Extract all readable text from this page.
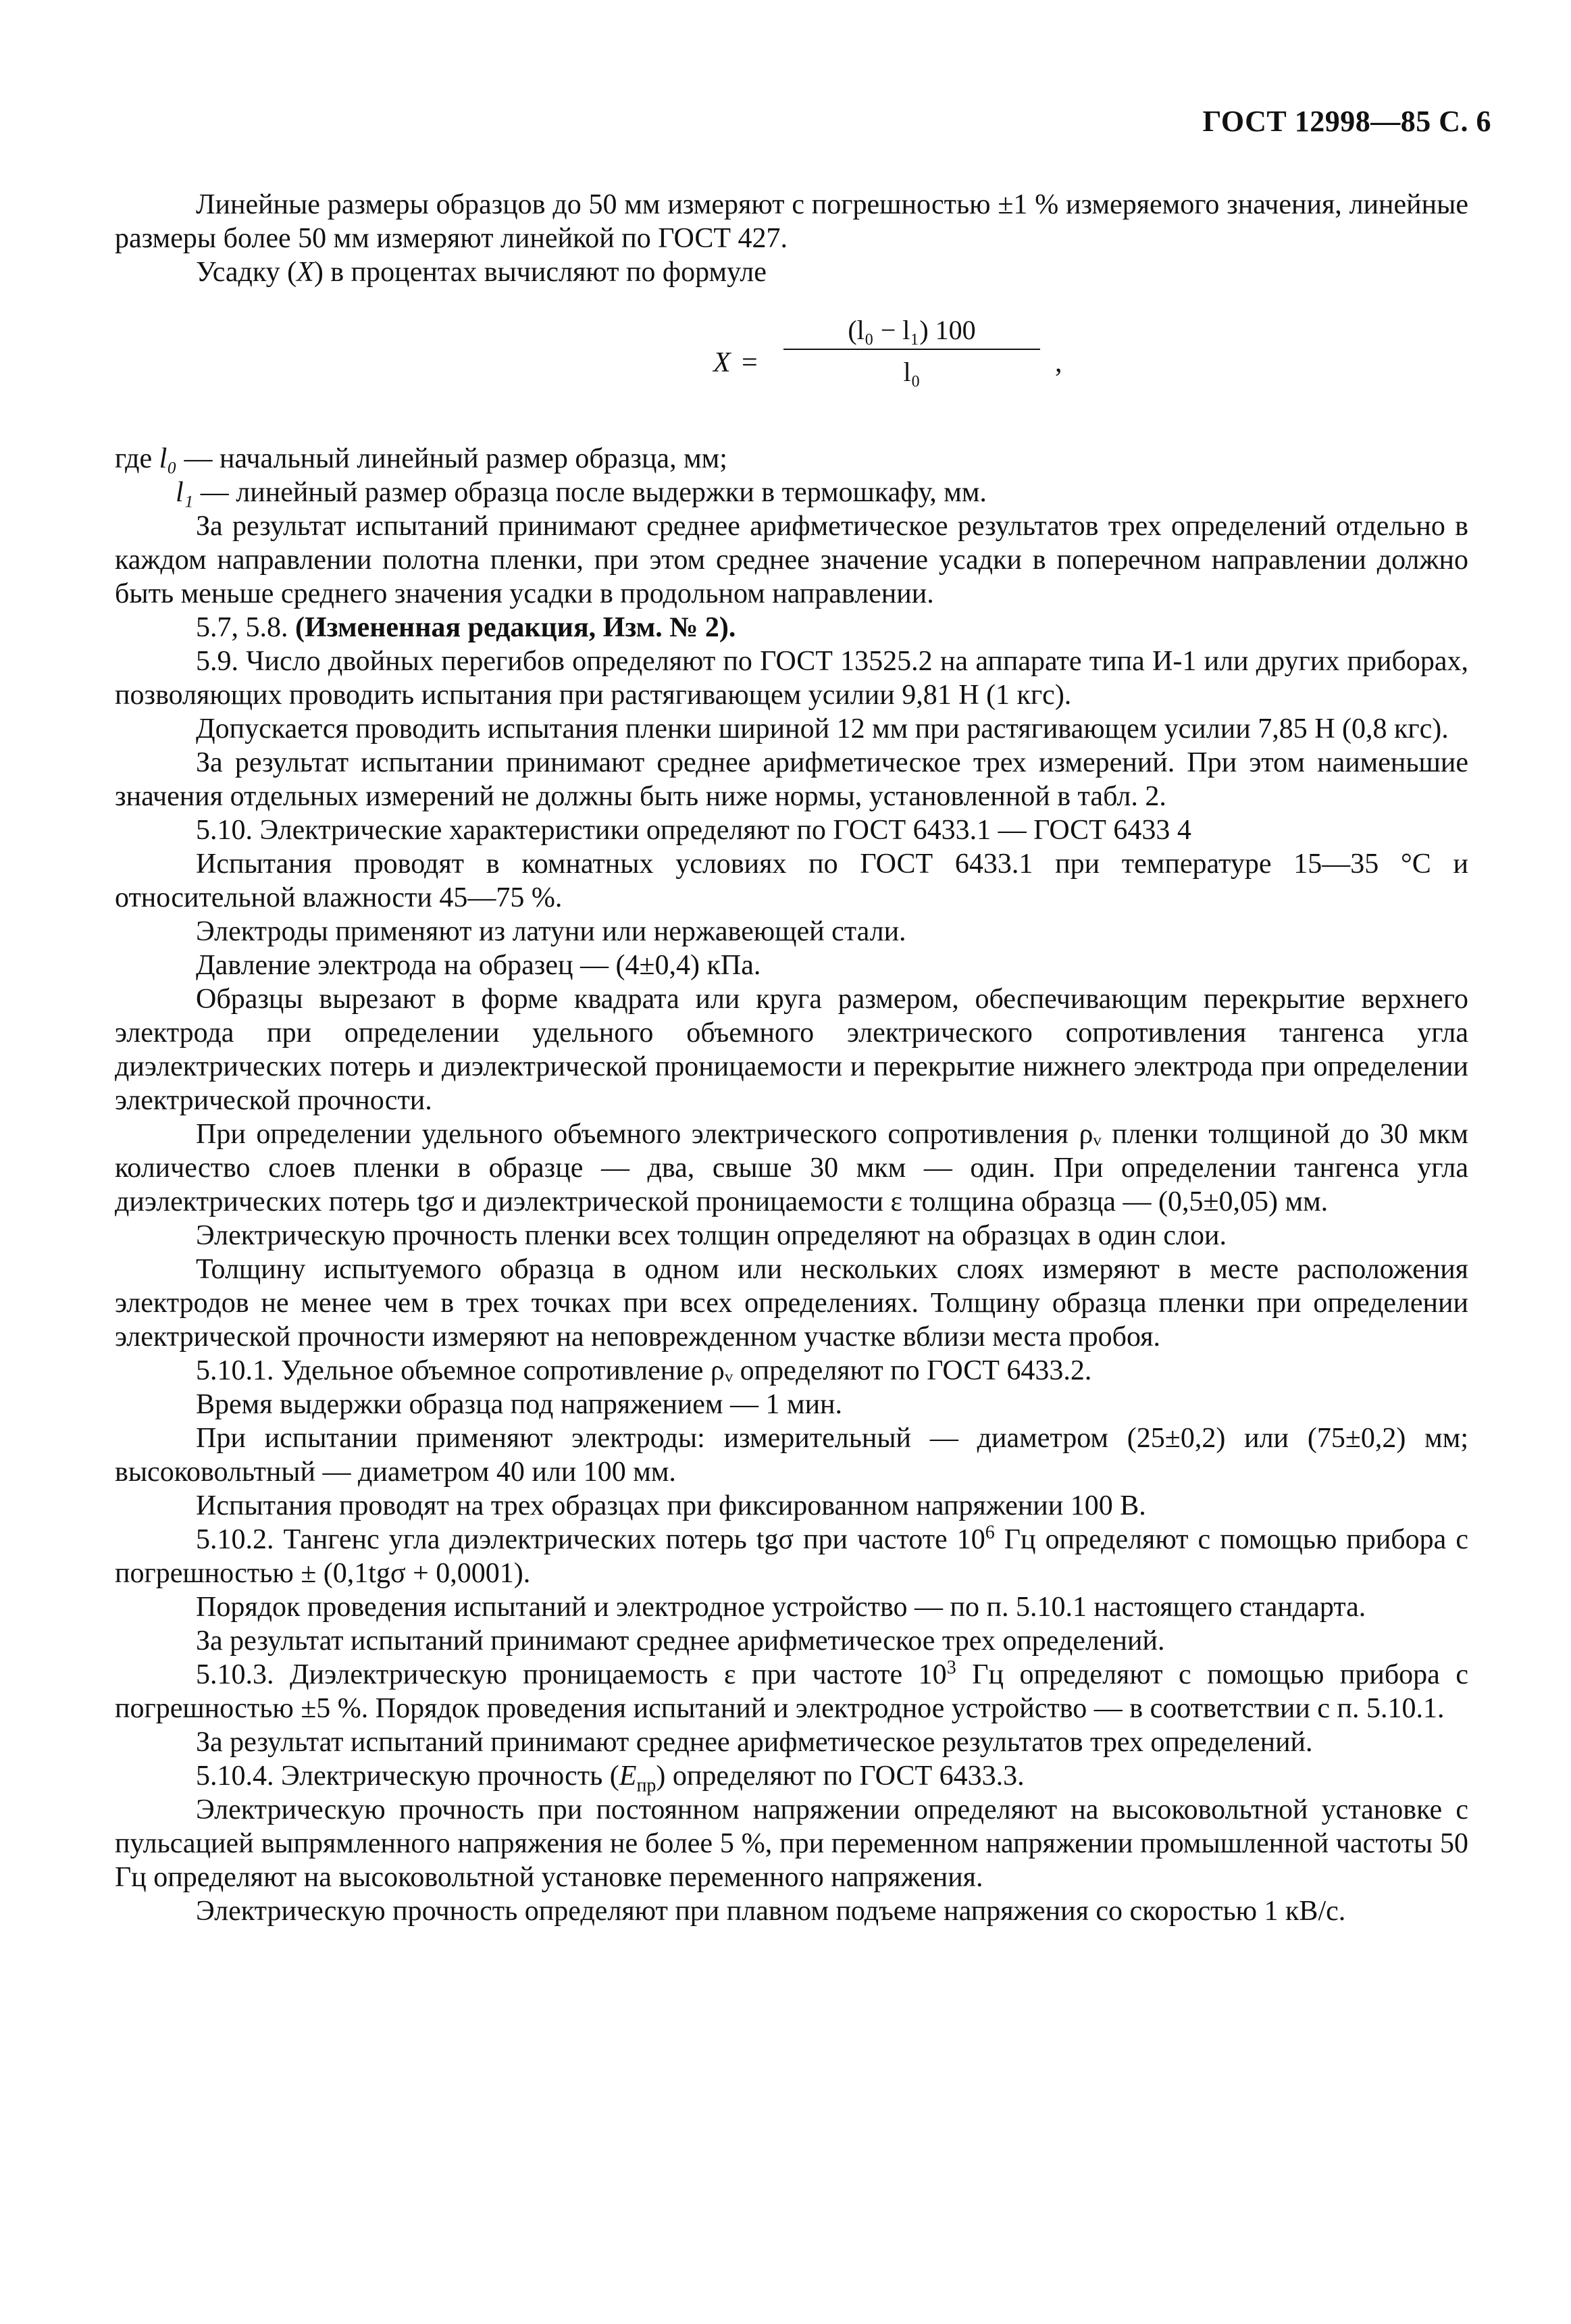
ГОСТ 12998—85 С. 6

Линейные размеры образцов до 50 мм измеряют с погрешностью ±1 % измеряемого значения, линейные размеры более 50 мм измеряют линейкой по ГОСТ 427.

Усадку (X) в процентах вычисляют по формуле

X =
(l₀ − l₁) 100
l₀	,

где l₀ — начальный линейный размер образца, мм;

l₁ — линейный размер образца после выдержки в термошкафу, мм.

За результат испытаний принимают среднее арифметическое результатов трех определений отдельно в каждом направлении полотна пленки, при этом среднее значение усадки в поперечном направлении должно быть меньше среднего значения усадки в продольном направлении.

5.7, 5.8. (Измененная редакция, Изм. № 2).

5.9. Число двойных перегибов определяют по ГОСТ 13525.2 на аппарате типа И-1 или других приборах, позволяющих проводить испытания при растягивающем усилии 9,81 Н (1 кгс).

Допускается проводить испытания пленки шириной 12 мм при растягивающем усилии 7,85 Н (0,8 кгс).

За результат испытании принимают среднее арифметическое трех измерений. При этом наименьшие значения отдельных измерений не должны быть ниже нормы, установленной в табл. 2.

5.10. Электрические характеристики определяют по ГОСТ 6433.1 — ГОСТ 6433 4

Испытания проводят в комнатных условиях по ГОСТ 6433.1 при температуре 15—35 °С и относительной влажности 45—75 %.

Электроды применяют из латуни или нержавеющей стали.

Давление электрода на образец — (4±0,4) кПа.

Образцы вырезают в форме квадрата или круга размером, обеспечивающим перекрытие верхнего электрода при определении удельного объемного электрического сопротивления тангенса угла диэлектрических потерь и диэлектрической проницаемости и перекрытие нижнего электрода при определении электрической прочности.

При определении удельного объемного электрического сопротивления ρᵥ пленки толщиной до 30 мкм количество слоев пленки в образце — два, свыше 30 мкм — один. При определении тангенса угла диэлектрических потерь tgσ и диэлектрической проницаемости ε толщина образца — (0,5±0,05) мм.

Электрическую прочность пленки всех толщин определяют на образцах в один слои.

Толщину испытуемого образца в одном или нескольких слоях измеряют в месте расположения электродов не менее чем в трех точках при всех определениях. Толщину образца пленки при определении электрической прочности измеряют на неповрежденном участке вблизи места пробоя.

5.10.1. Удельное объемное сопротивление ρᵥ определяют по ГОСТ 6433.2.

Время выдержки образца под напряжением — 1 мин.

При испытании применяют электроды: измерительный — диаметром (25±0,2) или (75±0,2) мм; высоковольтный — диаметром 40 или 100 мм.

Испытания проводят на трех образцах при фиксированном напряжении 100 В.

5.10.2. Тангенс угла диэлектрических потерь tgσ при частоте $10^6$ Гц определяют с помощью прибора с погрешностью ± (0,1tgσ + 0,0001).

Порядок проведения испытаний и электродное устройство — по п. 5.10.1 настоящего стандарта.

За результат испытаний принимают среднее арифметическое трех определений.

5.10.3. Диэлектрическую проницаемость ε при частоте $10^3$ Гц определяют с помощью прибора с погрешностью ±5 %. Порядок проведения испытаний и электродное устройство — в соответствии с п. 5.10.1.

За результат испытаний принимают среднее арифметическое результатов трех определений.

5.10.4. Электрическую прочность $(E_{пр})$ определяют по ГОСТ 6433.3.

Электрическую прочность при постоянном напряжении определяют на высоковольтной установке с пульсацией выпрямленного напряжения не более 5 %, при переменном напряжении промышленной частоты 50 Гц определяют на высоковольтной установке переменного напряжения.

Электрическую прочность определяют при плавном подъеме напряжения со скоростью 1 кВ/с.
